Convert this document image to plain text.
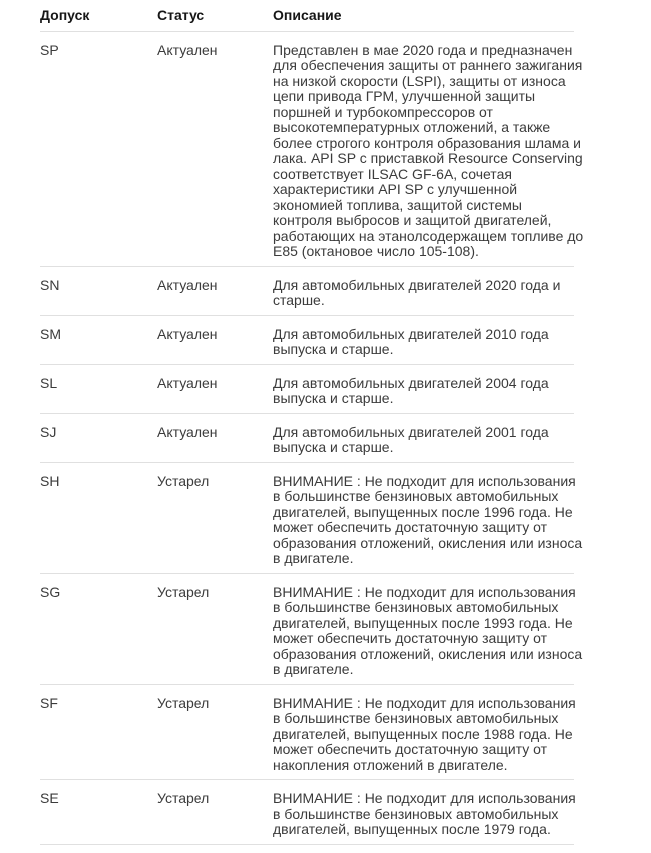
Допуск	Статус	Описание
SP	Актуален	Представлен в мае 2020 года и предназначен для обеспечения защиты от раннего зажигания на низкой скорости (LSPI), защиты от износа цепи привода ГРМ, улучшенной защиты поршней и турбокомпрессоров от высокотемпературных отложений, а также более строгого контроля образования шлама и лака. API SP с приставкой Resource Conserving соответствует ILSAC GF-6A, сочетая характеристики API SP с улучшенной экономией топлива, защитой системы контроля выбросов и защитой двигателей, работающих на этанолсодержащем топливе до E85 (октановое число 105-108).
SN	Актуален	Для автомобильных двигателей 2020 года и старше.
SM	Актуален	Для автомобильных двигателей 2010 года выпуска и старше.
SL	Актуален	Для автомобильных двигателей 2004 года выпуска и старше.
SJ	Актуален	Для автомобильных двигателей 2001 года выпуска и старше.
SH	Устарел	ВНИМАНИЕ : Не подходит для использования в большинстве бензиновых автомобильных двигателей, выпущенных после 1996 года. Не может обеспечить достаточную защиту от образования отложений, окисления или износа в двигателе.
SG	Устарел	ВНИМАНИЕ : Не подходит для использования в большинстве бензиновых автомобильных двигателей, выпущенных после 1993 года. Не может обеспечить достаточную защиту от образования отложений, окисления или износа в двигателе.
SF	Устарел	ВНИМАНИЕ : Не подходит для использования в большинстве бензиновых автомобильных двигателей, выпущенных после 1988 года. Не может обеспечить достаточную защиту от накопления отложений в двигателе.
SE	Устарел	ВНИМАНИЕ : Не подходит для использования в большинстве бензиновых автомобильных двигателей, выпущенных после 1979 года.
